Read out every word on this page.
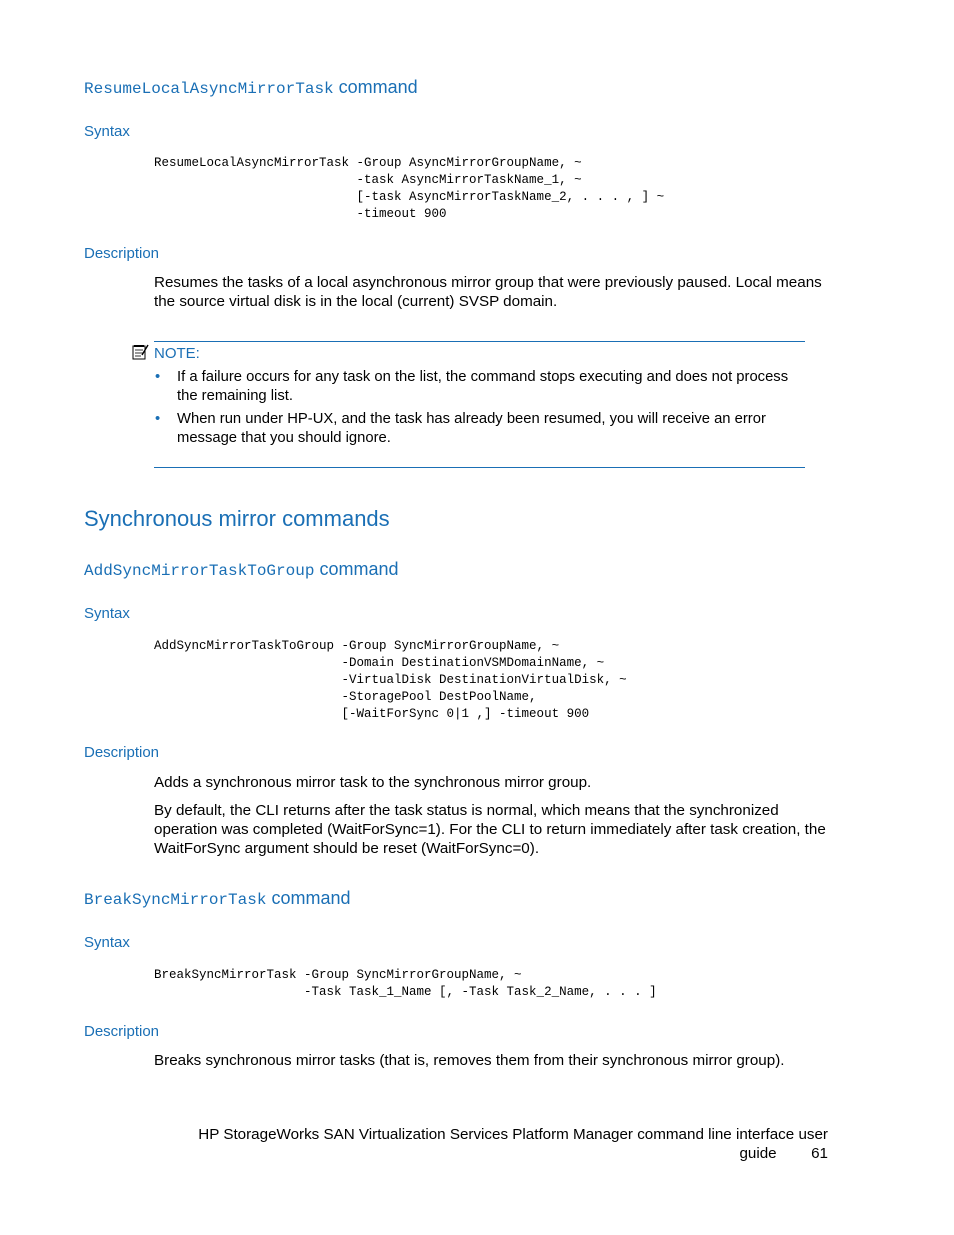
ResumeLocalAsyncMirrorTask command
Syntax
ResumeLocalAsyncMirrorTask -Group AsyncMirrorGroupName, ~
-task AsyncMirrorTaskName_1, ~
[-task AsyncMirrorTaskName_2, . . . , ] ~
-timeout 900
Description
Resumes the tasks of a local asynchronous mirror group that were previously paused. Local means the source virtual disk is in the local (current) SVSP domain.
NOTE:
• If a failure occurs for any task on the list, the command stops executing and does not process the remaining list.
• When run under HP-UX, and the task has already been resumed, you will receive an error message that you should ignore.
Synchronous mirror commands
AddSyncMirrorTaskToGroup command
Syntax
AddSyncMirrorTaskToGroup -Group SyncMirrorGroupName, ~
-Domain DestinationVSMDomainName, ~
-VirtualDisk DestinationVirtualDisk, ~
-StoragePool DestPoolName,
[-WaitForSync 0|1 ,] -timeout 900
Description
Adds a synchronous mirror task to the synchronous mirror group.
By default, the CLI returns after the task status is normal, which means that the synchronized operation was completed (WaitForSync=1). For the CLI to return immediately after task creation, the WaitForSync argument should be reset (WaitForSync=0).
BreakSyncMirrorTask command
Syntax
BreakSyncMirrorTask -Group SyncMirrorGroupName, ~
-Task Task_1_Name [, -Task Task_2_Name, . . . ]
Description
Breaks synchronous mirror tasks (that is, removes them from their synchronous mirror group).
HP StorageWorks SAN Virtualization Services Platform Manager command line interface user
guide 61
